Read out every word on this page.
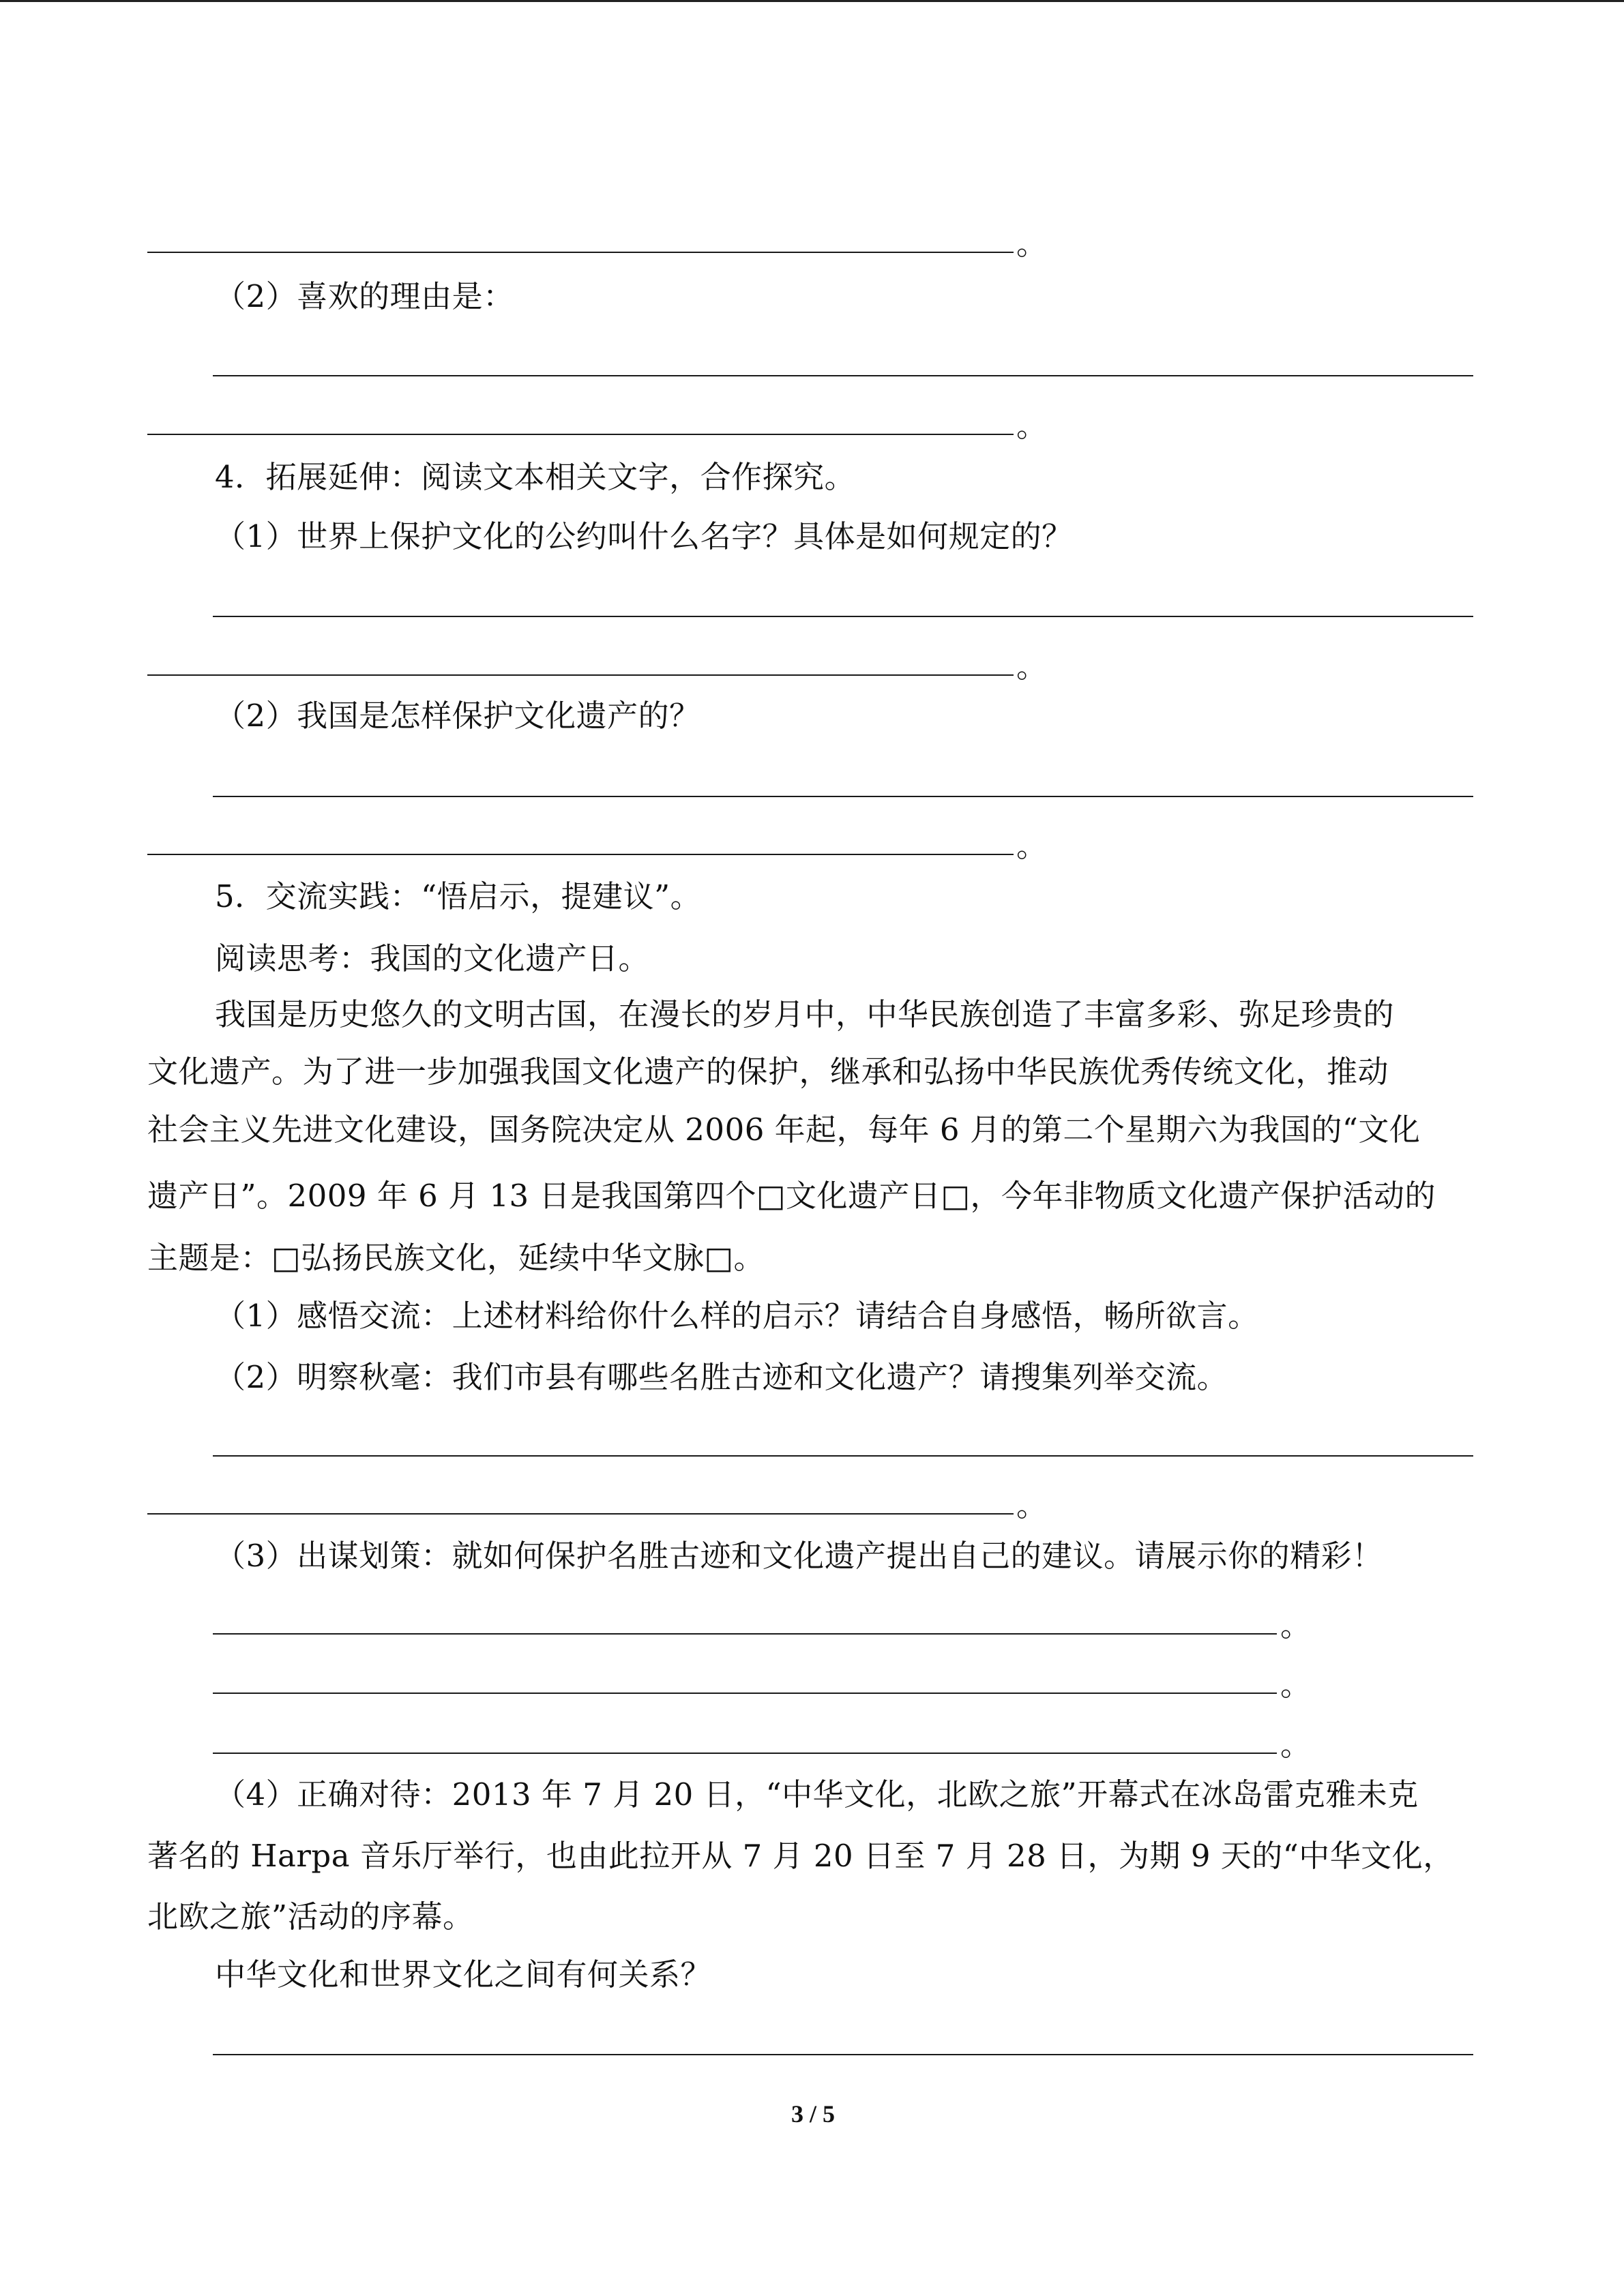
。
（2）喜欢的理由是：
。
4．拓展延伸：阅读文本相关文字，合作探究。
（1）世界上保护文化的公约叫什么名字？具体是如何规定的？
。
（2）我国是怎样保护文化遗产的？
。
5．交流实践：“悟启示，提建议”。
阅读思考：我国的文化遗产日。
我国是历史悠久的文明古国，在漫长的岁月中，中华民族创造了丰富多彩、弥足珍贵的
文化遗产。为了进一步加强我国文化遗产的保护，继承和弘扬中华民族优秀传统文化，推动
社会主义先进文化建设，国务院决定从 2006 年起，每年 6 月的第二个星期六为我国的“文化
遗产日”。2009 年 6 月 13 日是我国第四个□文化遗产日□，今年非物质文化遗产保护活动的
主题是：□弘扬民族文化，延续中华文脉□。
（1）感悟交流：上述材料给你什么样的启示？请结合自身感悟，畅所欲言。
（2）明察秋毫：我们市县有哪些名胜古迹和文化遗产？请搜集列举交流。
。
（3）出谋划策：就如何保护名胜古迹和文化遗产提出自己的建议。请展示你的精彩！
。
。
。
（4）正确对待：2013 年 7 月 20 日，“中华文化，北欧之旅”开幕式在冰岛雷克雅未克
著名的 Harpa 音乐厅举行，也由此拉开从 7 月 20 日至 7 月 28 日，为期 9 天的“中华文化，
北欧之旅”活动的序幕。
中华文化和世界文化之间有何关系？
3 / 5
